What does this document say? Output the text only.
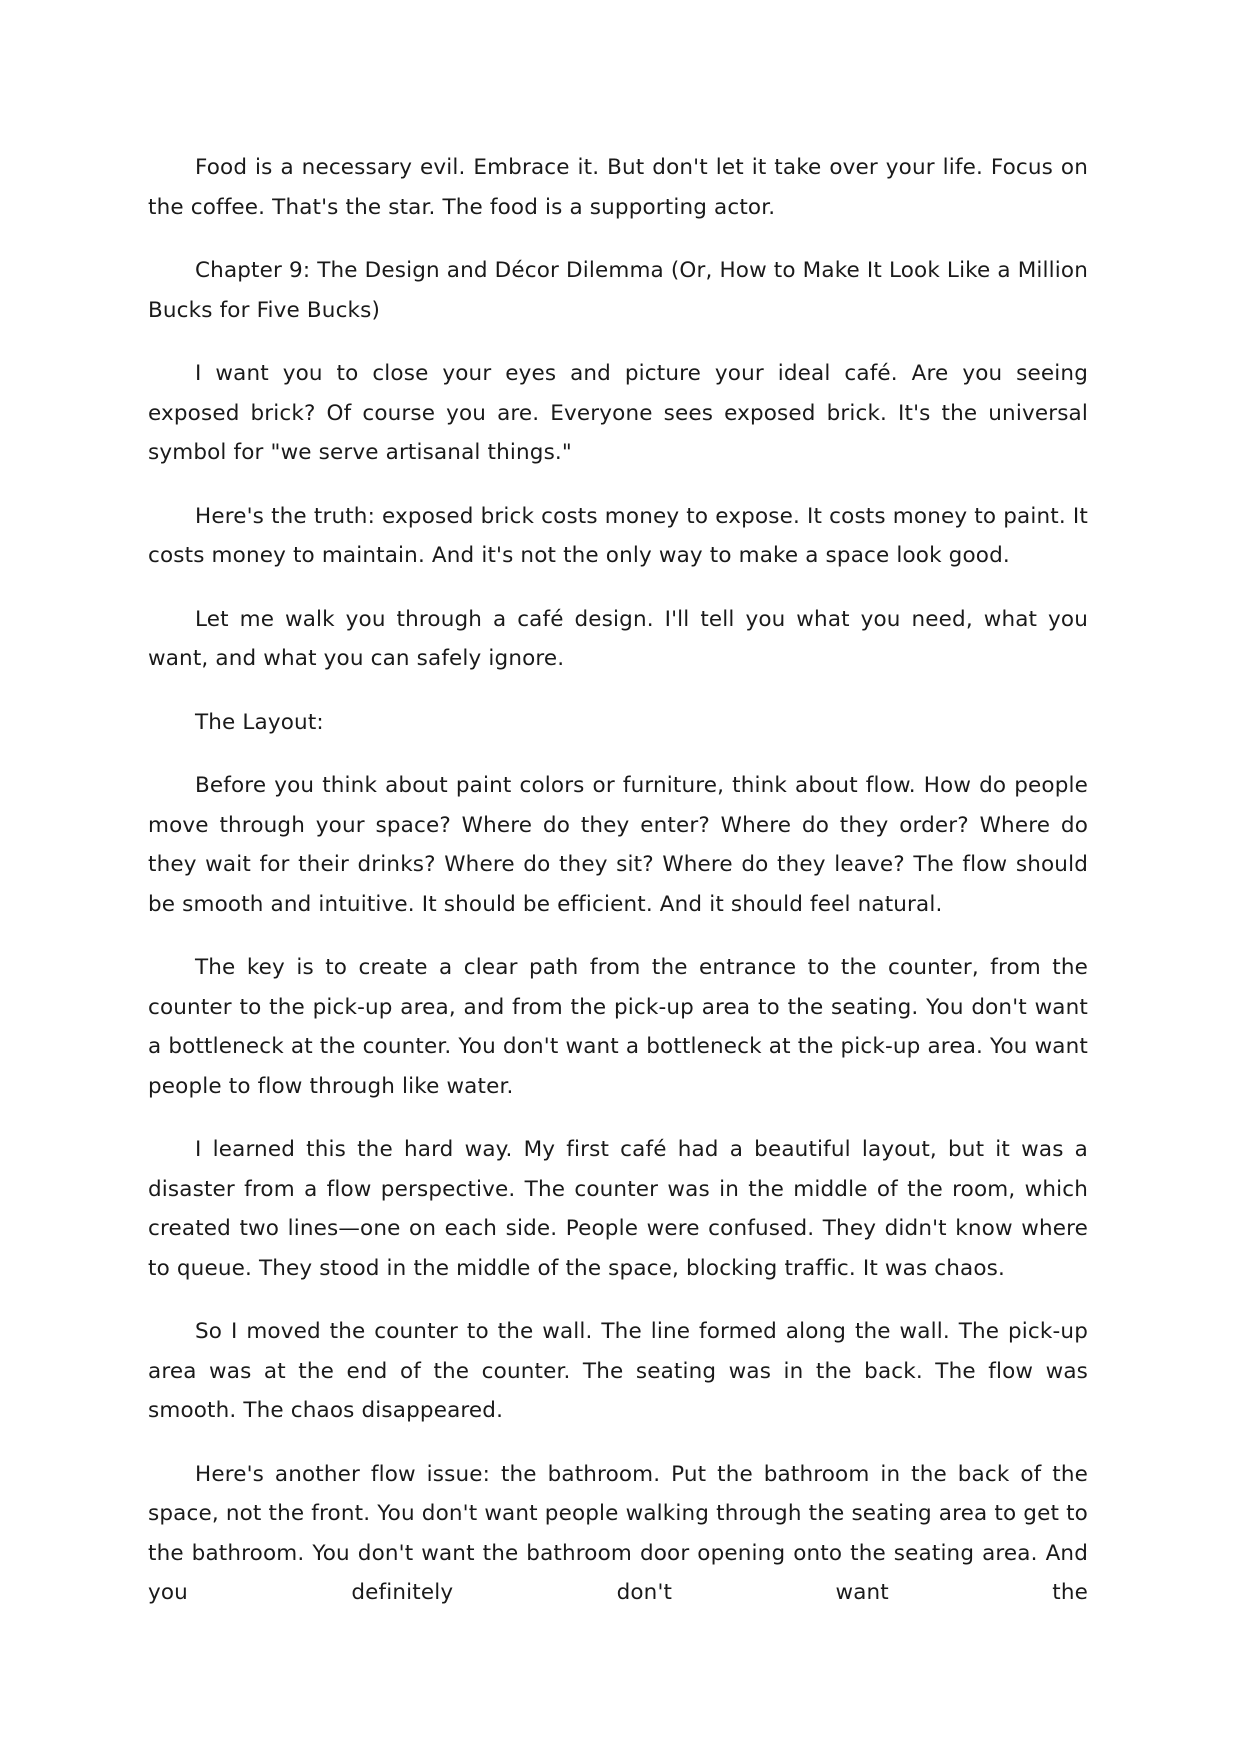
Food is a necessary evil. Embrace it. But don't let it take over your life. Focus on the coffee. That's the star. The food is a supporting actor.

Chapter 9: The Design and Décor Dilemma (Or, How to Make It Look Like a Million Bucks for Five Bucks)

I want you to close your eyes and picture your ideal café. Are you seeing exposed brick? Of course you are. Everyone sees exposed brick. It's the universal symbol for "we serve artisanal things."

Here's the truth: exposed brick costs money to expose. It costs money to paint. It costs money to maintain. And it's not the only way to make a space look good.

Let me walk you through a café design. I'll tell you what you need, what you want, and what you can safely ignore.

The Layout:

Before you think about paint colors or furniture, think about flow. How do people move through your space? Where do they enter? Where do they order? Where do they wait for their drinks? Where do they sit? Where do they leave? The flow should be smooth and intuitive. It should be efficient. And it should feel natural.

The key is to create a clear path from the entrance to the counter, from the counter to the pick-up area, and from the pick-up area to the seating. You don't want a bottleneck at the counter. You don't want a bottleneck at the pick-up area. You want people to flow through like water.

I learned this the hard way. My first café had a beautiful layout, but it was a disaster from a flow perspective. The counter was in the middle of the room, which created two lines—one on each side. People were confused. They didn't know where to queue. They stood in the middle of the space, blocking traffic. It was chaos.

So I moved the counter to the wall. The line formed along the wall. The pick-up area was at the end of the counter. The seating was in the back. The flow was smooth. The chaos disappeared.

Here's another flow issue: the bathroom. Put the bathroom in the back of the space, not the front. You don't want people walking through the seating area to get to the bathroom. You don't want the bathroom door opening onto the seating area. And you definitely don't want the
